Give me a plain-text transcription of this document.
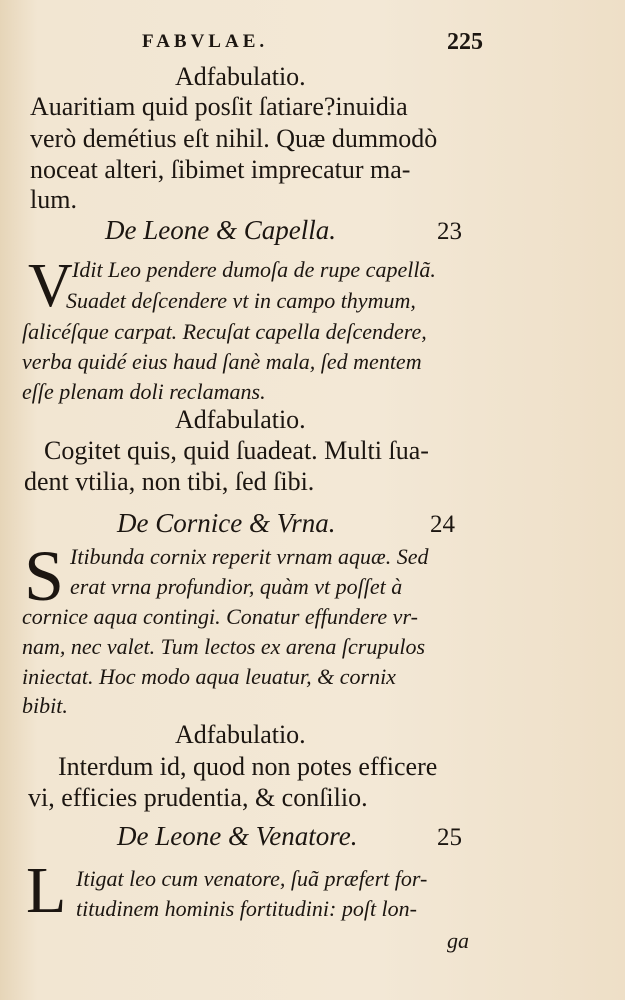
FABVLAE.	225
Adfabulatio.
Auaritiam quid posſit ſatiare?inuidia
verò demétius eſt nihil. Quæ dummodò
noceat alteri, ſibimet imprecatur ma-
lum.
De Leone & Capella.	23
V Idit Leo pendere dumoſa de rupe capellã.
Suadet deſcendere vt in campo thymum,
ſalicéſque carpat. Recuſat capella deſcendere,
verba quidé eius haud ſanè mala, ſed mentem
eſſe plenam doli reclamans.
Adfabulatio.
Cogitet quis, quid ſuadeat. Multi ſua-
dent vtilia, non tibi, ſed ſibi.
De Cornice & Vrna.	24
S Itibunda cornix reperit vrnam aquæ. Sed
erat vrna profundior, quàm vt poſſet à
cornice aqua contingi. Conatur effundere vr-
nam, nec valet. Tum lectos ex arena ſcrupulos
iniectat. Hoc modo aqua leuatur, & cornix
bibit.
Adfabulatio.
Interdum id, quod non potes efficere
vi, efficies prudentia, & conſilio.
De Leone & Venatore.	25
L Itigat leo cum venatore, ſuã præfert for-
titudinem hominis fortitudini: poſt lon-
ga
